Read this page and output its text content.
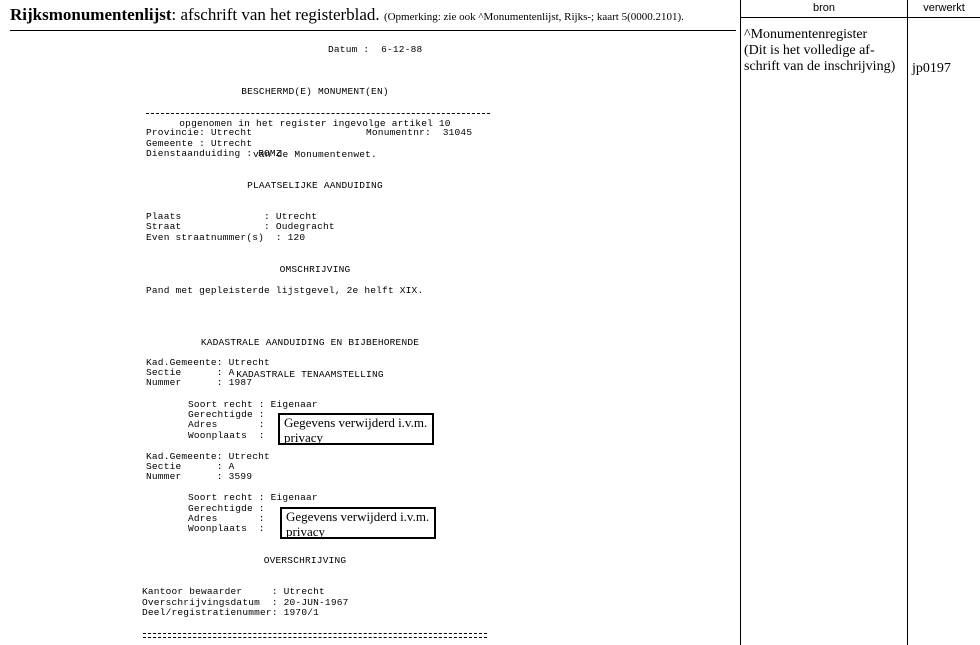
Rijksmonumentenlijst: afschrift van het registerblad. (Opmerking: zie ook ^Monumentenlijst, Rijks-; kaart 5(0000.2101).
bron	verwerkt
^Monumentenregister
(Dit is het volledige af-
schrift van de inschrijving)	jp0197
Datum :  6-12-88

BESCHERMD(E) MONUMENT(EN)

opgenomen in het register ingevolge artikel 10

van de Monumentenwet.

Provincie: Utrecht	Monumentnr:  31045
Gemeente : Utrecht
Dienstaanduiding : ROMZ
PLAATSELIJKE AANDUIDING
Plaats              : Utrecht
Straat              : Oudegracht
Even straatnummer(s)  : 120
OMSCHRIJVING
Pand met gepleisterde lijstgevel, 2e helft XIX.

KADASTRALE AANDUIDING EN BIJBEHORENDE

KADASTRALE TENAAMSTELLING

Kad.Gemeente: Utrecht
Sectie      : A
Nummer      : 1987
Soort recht : Eigenaar
Gerechtigde :
Adres       :
Woonplaats  :
Gegevens verwijderd i.v.m.
privacy
Kad.Gemeente: Utrecht
Sectie      : A
Nummer      : 3599
Soort recht : Eigenaar
Gerechtigde :
Adres       :
Woonplaats  :
Gegevens verwijderd i.v.m.
privacy
OVERSCHRIJVING
Kantoor bewaarder     : Utrecht
Overschrijvingsdatum  : 20-JUN-1967
Deel/registratienummer: 1970/1
